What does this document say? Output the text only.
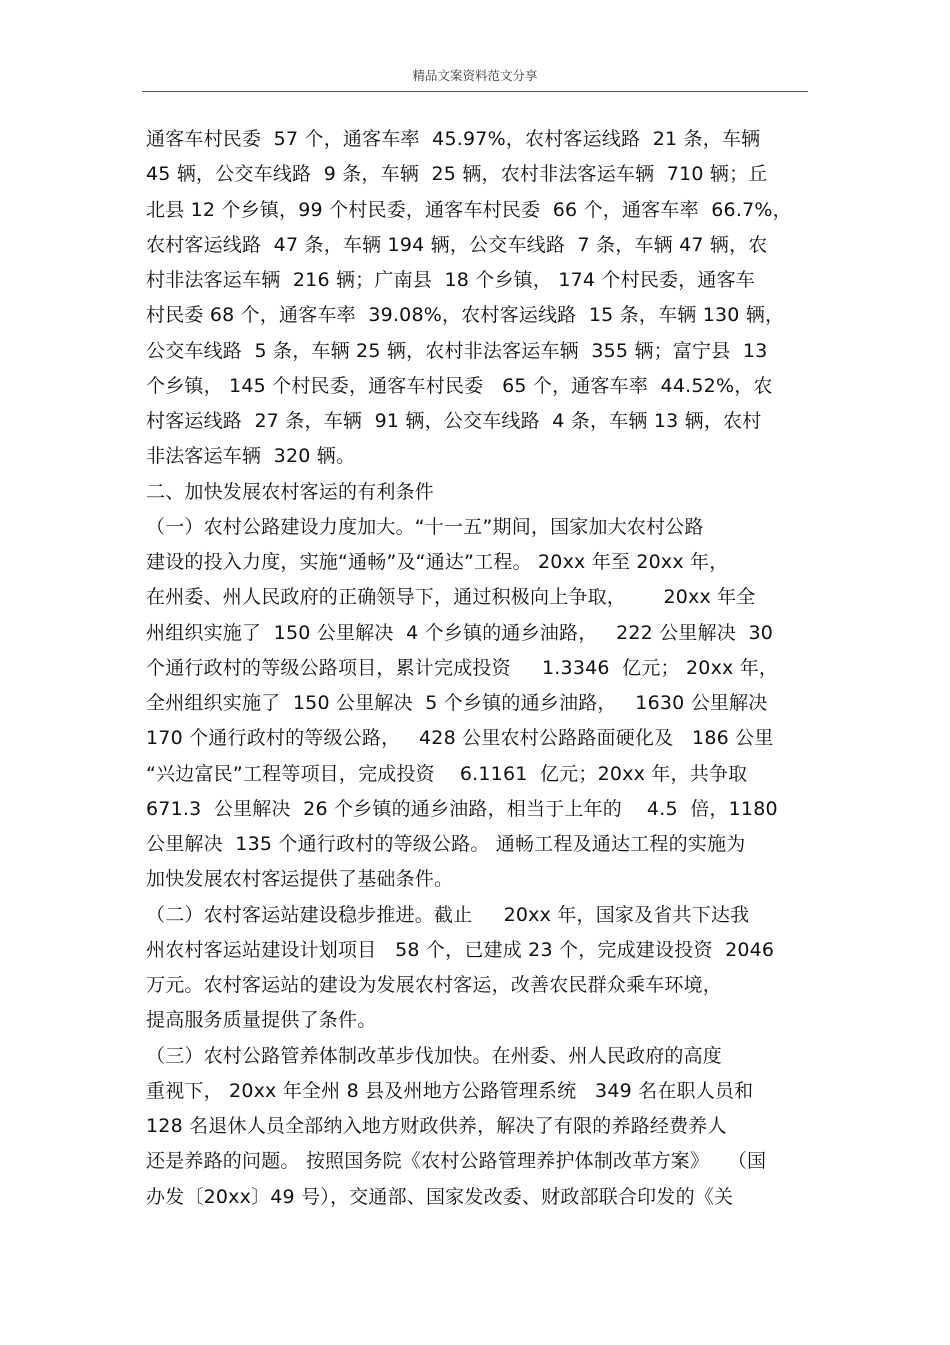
精品文案资料范文分享
通客车村民委  57 个，通客车率  45.97%，农村客运线路  21 条，车辆
45 辆，公交车线路  9 条，车辆  25 辆，农村非法客运车辆  710 辆；丘
北县 12 个乡镇，99 个村民委，通客车村民委  66 个，通客车率  66.7%，
农村客运线路  47 条，车辆 194 辆，公交车线路  7 条，车辆 47 辆，农
村非法客运车辆  216 辆；广南县  18 个乡镇， 174 个村民委，通客车
村民委 68 个，通客车率  39.08%，农村客运线路  15 条，车辆 130 辆，
公交车线路  5 条，车辆 25 辆，农村非法客运车辆  355 辆；富宁县  13
个乡镇， 145 个村民委，通客车村民委   65 个，通客车率  44.52%，农
村客运线路  27 条，车辆  91 辆，公交车线路  4 条，车辆 13 辆，农村
非法客运车辆  320 辆。
二、加快发展农村客运的有利条件
（一）农村公路建设力度加大。“十一五”期间，国家加大农村公路
建设的投入力度，实施“通畅”及“通达”工程。 20xx 年至 20xx 年，
在州委、州人民政府的正确领导下，通过积极向上争取，      20xx 年全
州组织实施了  150 公里解决  4 个乡镇的通乡油路，   222 公里解决  30
个通行政村的等级公路项目，累计完成投资     1.3346  亿元； 20xx 年，
全州组织实施了  150 公里解决  5 个乡镇的通乡油路，   1630 公里解决
170 个通行政村的等级公路，   428 公里农村公路路面硬化及   186 公里
“兴边富民”工程等项目，完成投资    6.1161  亿元；20xx 年，共争取
671.3  公里解决  26 个乡镇的通乡油路，相当于上年的    4.5  倍，1180
公里解决  135 个通行政村的等级公路。 通畅工程及通达工程的实施为
加快发展农村客运提供了基础条件。
（二）农村客运站建设稳步推进。截止     20xx 年，国家及省共下达我
州农村客运站建设计划项目   58 个，已建成 23 个，完成建设投资  2046
万元。农村客运站的建设为发展农村客运，改善农民群众乘车环境，
提高服务质量提供了条件。
（三）农村公路管养体制改革步伐加快。在州委、州人民政府的高度
重视下， 20xx 年全州 8 县及州地方公路管理系统   349 名在职人员和
128 名退休人员全部纳入地方财政供养，解决了有限的养路经费养人
还是养路的问题。 按照国务院《农村公路管理养护体制改革方案》   （国
办发〔20xx〕49 号），交通部、国家发改委、财政部联合印发的《关
